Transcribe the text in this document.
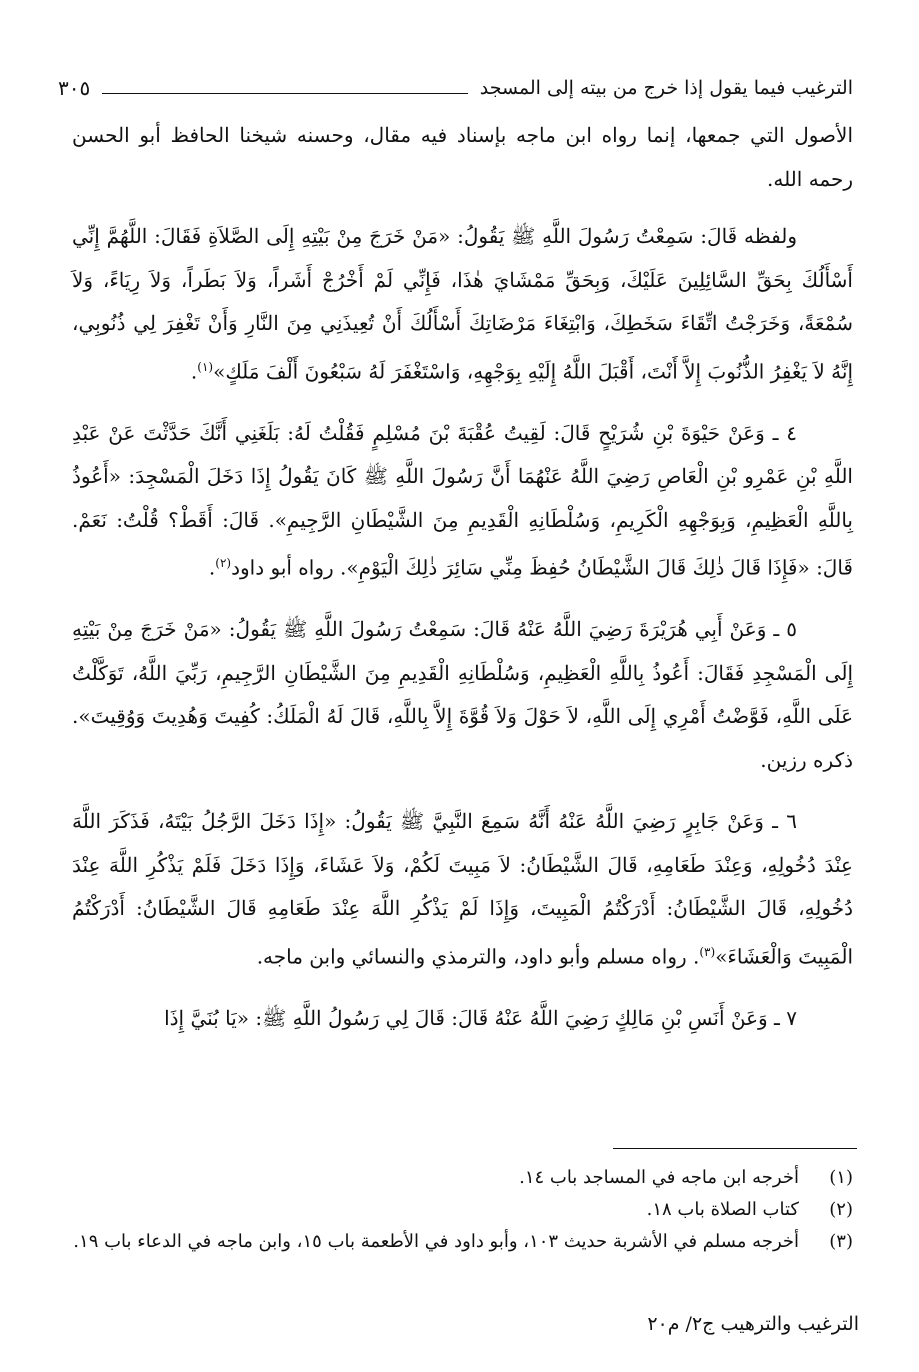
الترغيب فيما يقول إذا خرج من بيته إلى المسجد
٣٠٥

الأصول التي جمعها، إنما رواه ابن ماجه بإسناد فيه مقال، وحسنه شيخنا الحافظ أبو الحسن رحمه الله.

ولفظه قَالَ: سَمِعْتُ رَسُولَ اللَّهِ ﷺ يَقُولُ: «مَنْ خَرَجَ مِنْ بَيْتِهِ إِلَى الصَّلاَةِ فَقَالَ: اللَّهُمَّ إِنِّي أَسْأَلُكَ بِحَقِّ السَّائِلِينَ عَلَيْكَ، وَبِحَقِّ مَمْشَايَ هٰذَا، فَإِنِّي لَمْ أَخْرُجْ أَشَراً، وَلاَ بَطَراً، وَلاَ رِيَاءً، وَلاَ سُمْعَةً، وَخَرَجْتُ اتِّقَاءَ سَخَطِكَ، وَابْتِغَاءَ مَرْضَاتِكَ أَسْأَلُكَ أَنْ تُعِيذَنِي مِنَ النَّارِ وَأَنْ تَغْفِرَ لِي ذُنُوبِي، إِنَّهُ لاَ يَغْفِرُ الذُّنُوبَ إِلاَّ أَنْتَ، أَقْبَلَ اللَّهُ إِلَيْهِ بِوَجْهِهِ، وَاسْتَغْفَرَ لَهُ سَبْعُونَ أَلْفَ مَلَكٍ»$^{(١)}$.

٤ ـ وَعَنْ حَيْوَةَ بْنِ شُرَيْحٍ قَالَ: لَقِيتُ عُقْبَةَ بْنَ مُسْلِمٍ فَقُلْتُ لَهُ: بَلَغَنِي أَنَّكَ حَدَّثْتَ عَنْ عَبْدِ اللَّهِ بْنِ عَمْرِو بْنِ الْعَاصِ رَضِيَ اللَّهُ عَنْهُمَا أَنَّ رَسُولَ اللَّهِ ﷺ كَانَ يَقُولُ إِذَا دَخَلَ الْمَسْجِدَ: «أَعُوذُ بِاللَّهِ الْعَظِيمِ، وَبِوَجْهِهِ الْكَرِيمِ، وَسُلْطَانِهِ الْقَدِيمِ مِنَ الشَّيْطَانِ الرَّجِيمِ». قَالَ: أَقَطْ؟ قُلْتُ: نَعَمْ. قَالَ: «فَإِذَا قَالَ ذٰلِكَ قَالَ الشَّيْطَانُ حُفِظَ مِنِّي سَائِرَ ذٰلِكَ الْيَوْمِ». رواه أبو داود$^{(٢)}$.

٥ ـ وَعَنْ أَبِي هُرَيْرَةَ رَضِيَ اللَّهُ عَنْهُ قَالَ: سَمِعْتُ رَسُولَ اللَّهِ ﷺ يَقُولُ: «مَنْ خَرَجَ مِنْ بَيْتِهِ إِلَى الْمَسْجِدِ فَقَالَ: أَعُوذُ بِاللَّهِ الْعَظِيمِ، وَسُلْطَانِهِ الْقَدِيمِ مِنَ الشَّيْطَانِ الرَّجِيمِ، رَبِّيَ اللَّهُ، تَوَكَّلْتُ عَلَى اللَّهِ، فَوَّضْتُ أَمْرِي إِلَى اللَّهِ، لاَ حَوْلَ وَلاَ قُوَّةَ إِلاَّ بِاللَّهِ، قَالَ لَهُ الْمَلَكُ: كُفِيتَ وَهُدِيتَ وَوُقِيتَ». ذكره رزين.

٦ ـ وَعَنْ جَابِرٍ رَضِيَ اللَّهُ عَنْهُ أَنَّهُ سَمِعَ النَّبِيَّ ﷺ يَقُولُ: «إِذَا دَخَلَ الرَّجُلُ بَيْتَهُ، فَذَكَرَ اللَّهَ عِنْدَ دُخُولِهِ، وَعِنْدَ طَعَامِهِ، قَالَ الشَّيْطَانُ: لاَ مَبِيتَ لَكُمْ، وَلاَ عَشَاءَ، وَإِذَا دَخَلَ فَلَمْ يَذْكُرِ اللَّهَ عِنْدَ دُخُولِهِ، قَالَ الشَّيْطَانُ: أَدْرَكْتُمُ الْمَبِيتَ، وَإِذَا لَمْ يَذْكُرِ اللَّهَ عِنْدَ طَعَامِهِ قَالَ الشَّيْطَانُ: أَدْرَكْتُمُ الْمَبِيتَ وَالْعَشَاءَ»$^{(٣)}$. رواه مسلم وأبو داود، والترمذي والنسائي وابن ماجه.

٧ ـ وَعَنْ أَنَسِ بْنِ مَالِكٍ رَضِيَ اللَّهُ عَنْهُ قَالَ: قَالَ لِي رَسُولُ اللَّهِ ﷺ: «يَا بُنَيَّ إِذَا

(١)
أخرجه ابن ماجه في المساجد باب ١٤.
(٢)
كتاب الصلاة باب ١٨.
(٣)
أخرجه مسلم في الأشربة حديث ١٠٣، وأبو داود في الأطعمة باب ١٥، وابن ماجه في الدعاء باب ١٩.
الترغيب والترهيب ج٢/ م٢٠
